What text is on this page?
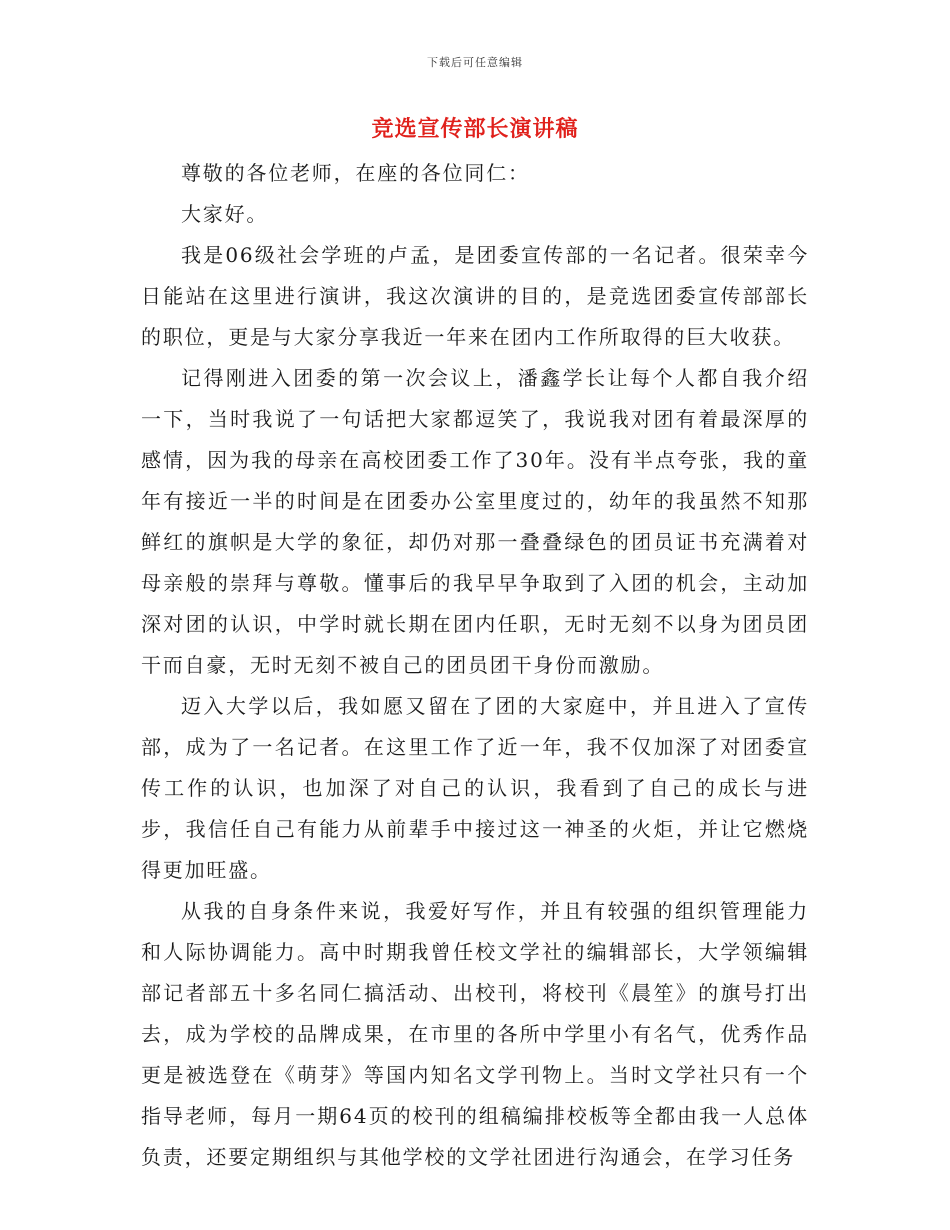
下载后可任意编辑
竞选宣传部长演讲稿

尊敬的各位老师，在座的各位同仁：

大家好。

我是06级社会学班的卢孟，是团委宣传部的一名记者。很荣幸今日能站在这里进行演讲，我这次演讲的目的，是竞选团委宣传部部长的职位，更是与大家分享我近一年来在团内工作所取得的巨大收获。

记得刚进入团委的第一次会议上，潘鑫学长让每个人都自我介绍一下，当时我说了一句话把大家都逗笑了，我说我对团有着最深厚的感情，因为我的母亲在高校团委工作了30年。没有半点夸张，我的童年有接近一半的时间是在团委办公室里度过的，幼年的我虽然不知那鲜红的旗帜是大学的象征，却仍对那一叠叠绿色的团员证书充满着对母亲般的崇拜与尊敬。懂事后的我早早争取到了入团的机会，主动加深对团的认识，中学时就长期在团内任职，无时无刻不以身为团员团干而自豪，无时无刻不被自己的团员团干身份而激励。

迈入大学以后，我如愿又留在了团的大家庭中，并且进入了宣传部，成为了一名记者。在这里工作了近一年，我不仅加深了对团委宣传工作的认识，也加深了对自己的认识，我看到了自己的成长与进步，我信任自己有能力从前辈手中接过这一神圣的火炬，并让它燃烧得更加旺盛。

从我的自身条件来说，我爱好写作，并且有较强的组织管理能力和人际协调能力。高中时期我曾任校文学社的编辑部长，大学领编辑部记者部五十多名同仁搞活动、出校刊，将校刊《晨笙》的旗号打出去，成为学校的品牌成果，在市里的各所中学里小有名气，优秀作品更是被选登在《萌芽》等国内知名文学刊物上。当时文学社只有一个指导老师，每月一期64页的校刊的组稿编排校板等全都由我一人总体负责，还要定期组织与其他学校的文学社团进行沟通会，在学习任务
